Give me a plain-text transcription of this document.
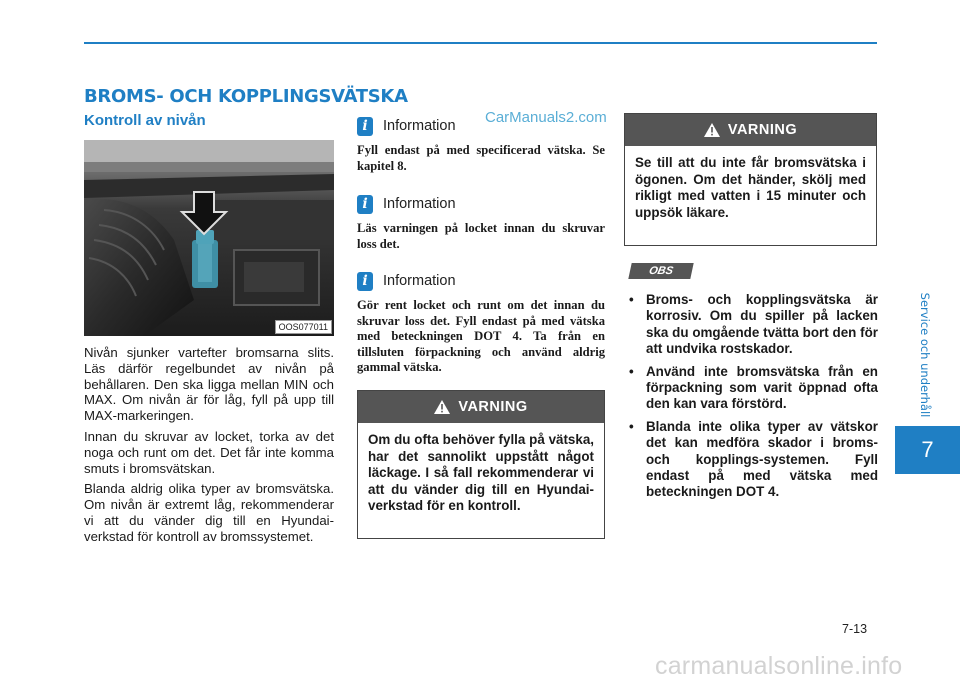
BROMS- OCH KOPPLINGSVÄTSKA
Kontroll av nivån
OOS077011

Nivån sjunker vartefter bromsarna slits. Läs därför regelbundet av nivån på behållaren. Den ska ligga mellan MIN och MAX. Om nivån är för låg, fyll på upp till MAX-markeringen.

Innan du skruvar av locket, torka av det noga och runt om det. Det får inte komma smuts i bromsvätskan.

Blanda aldrig olika typer av bromsvätska. Om nivån är extremt låg, rekommenderar vi att du vänder dig till en Hyundai-verkstad för kontroll av bromssystemet.

i	Information
Fyll endast på med specificerad vätska. Se kapitel 8.
CarManuals2.com
i	Information
Läs varningen på locket innan du skruvar loss det.
i	Information
Gör rent locket och runt om det innan du skruvar loss det. Fyll endast på med vätska med beteckningen DOT 4. Ta från en tillsluten förpackning och använd aldrig gammal vätska.
VARNING
Om du ofta behöver fylla på vätska, har det sannolikt uppstått något läckage. I så fall rekommenderar vi att du vänder dig till en Hyundai-verkstad för en kontroll.
VARNING
Se till att du inte får bromsvätska i ögonen. Om det händer, skölj med rikligt med vatten i 15 minuter och uppsök läkare.
OBS
• Broms- och kopplingsvätska är korrosiv. Om du spiller på lacken ska du omgående tvätta bort den för att undvika rostskador.
• Använd inte bromsvätska från en förpackning som varit öppnad ofta den kan vara förstörd.
• Blanda inte olika typer av vätskor det kan medföra skador i broms- och kopplings-systemen. Fyll endast på med vätska med beteckningen DOT 4.
Service och underhåll
7
7-13
carmanualsonline.info
